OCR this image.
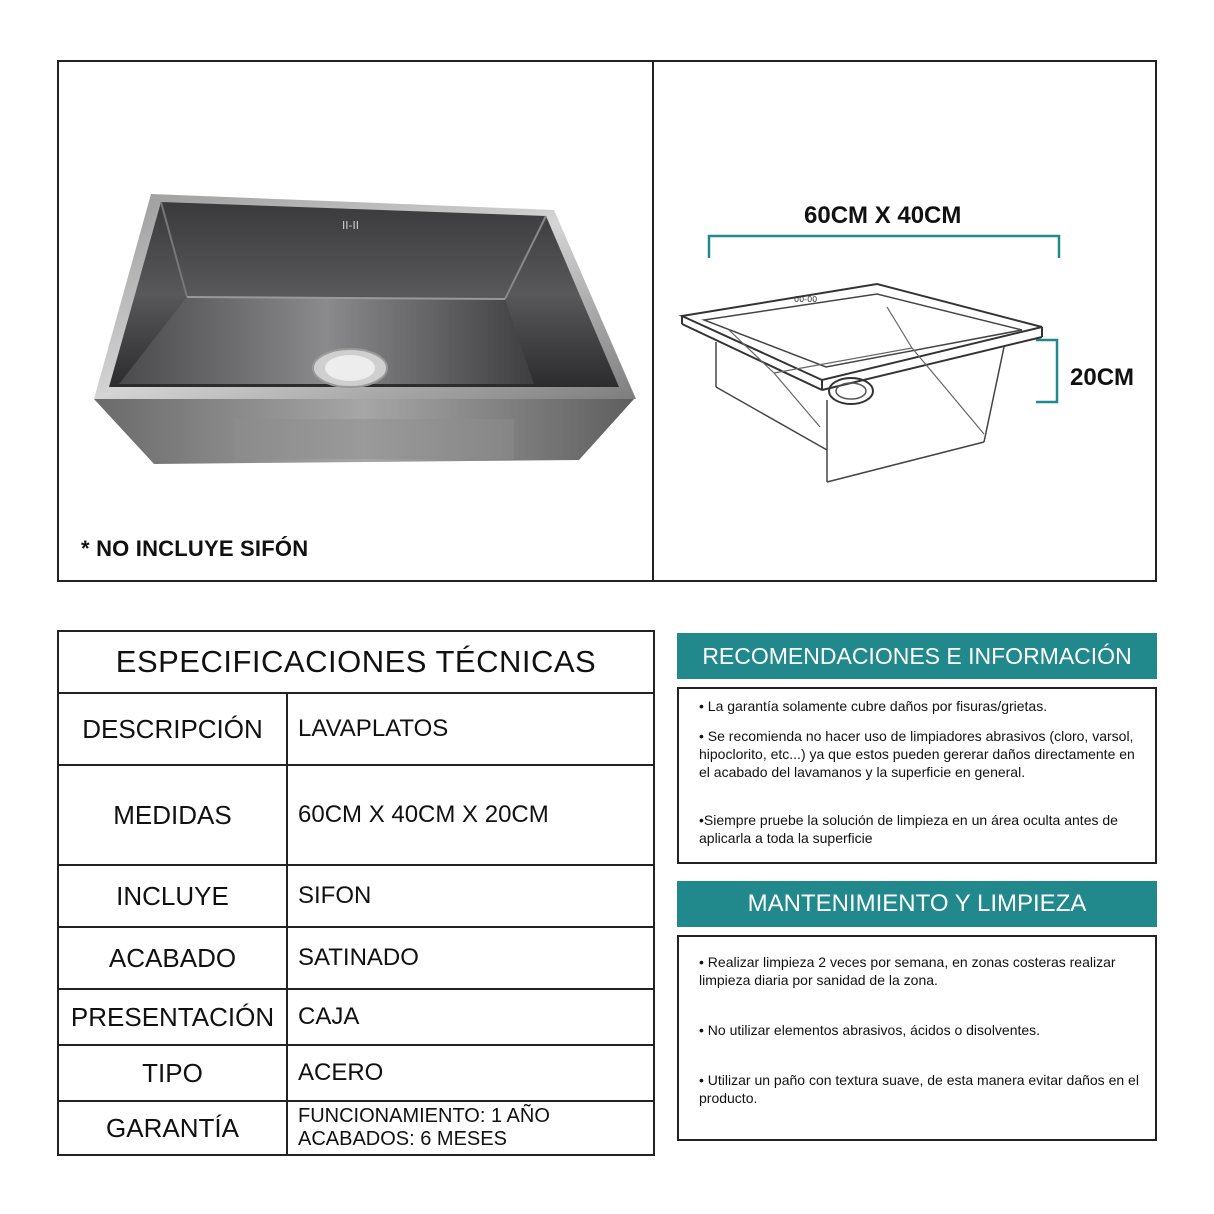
II-II
* NO INCLUYE SIFÓN
60CM X 40CM
20CM
00-00
ESPECIFICACIONES TÉCNICAS	
DESCRIPCIÓN	LAVAPLATOS
MEDIDAS	60CM X 40CM X 20CM
INCLUYE	SIFON
ACABADO	SATINADO
PRESENTACIÓN	CAJA
TIPO	ACERO
GARANTÍA	FUNCIONAMIENTO: 1 AÑO
ACABADOS: 6 MESES
RECOMENDACIONES E INFORMACIÓN
• La garantía solamente cubre daños por fisuras/grietas.
• Se recomienda no hacer uso de limpiadores abrasivos (cloro, varsol, hipoclorito, etc...) ya que estos pueden gererar daños directamente en el acabado del lavamanos y la superficie en general.
•Siempre pruebe la solución de limpieza en un área oculta antes de aplicarla a toda la superficie
MANTENIMIENTO Y LIMPIEZA
• Realizar limpieza 2 veces por semana, en zonas costeras realizar limpieza diaria por sanidad de la zona.
• No utilizar elementos abrasivos, ácidos o disolventes.
• Utilizar un paño con textura suave, de esta manera evitar daños en el producto.
